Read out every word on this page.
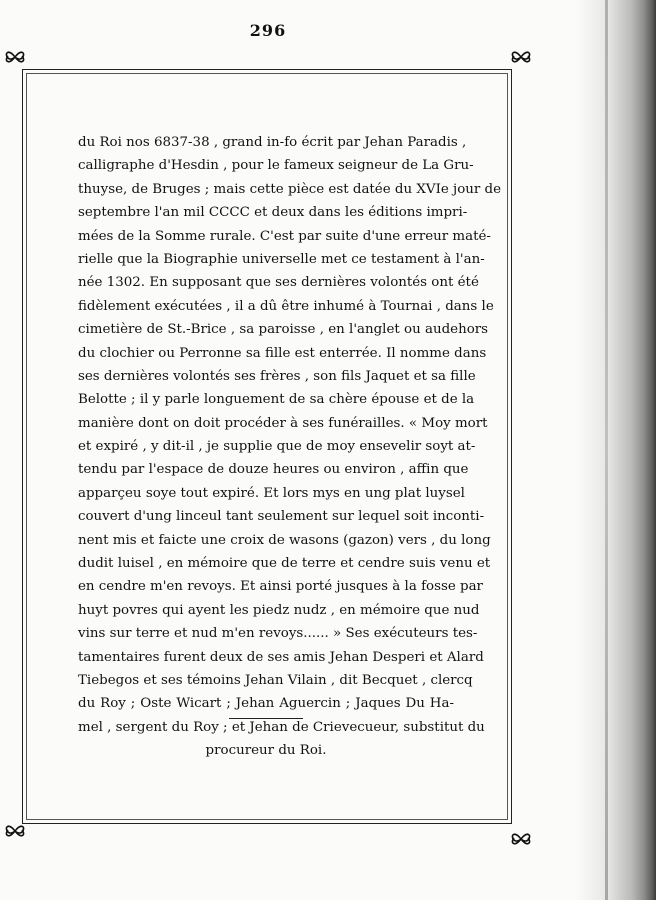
296
du Roi nos 6837-38 , grand in-fo écrit par Jehan Paradis ,
calligraphe d'Hesdin , pour le fameux seigneur de La Gru-
thuyse, de Bruges ; mais cette pièce est datée du XVIe jour de
septembre l'an mil CCCC et deux dans les éditions impri-
mées de la Somme rurale. C'est par suite d'une erreur maté-
rielle que la Biographie universelle met ce testament à l'an-
née 1302. En supposant que ses dernières volontés ont été
fidèlement exécutées , il a dû être inhumé à Tournai , dans le
cimetière de St.-Brice , sa paroisse , en l'anglet ou audehors
du clochier ou Perronne sa fille est enterrée. Il nomme dans
ses dernières volontés ses frères , son fils Jaquet et sa fille
Belotte ; il y parle longuement de sa chère épouse et de la
manière dont on doit procéder à ses funérailles. « Moy mort
et expiré , y dit-il , je supplie que de moy ensevelir soyt at-
tendu par l'espace de douze heures ou environ , affin que
apparçeu soye tout expiré. Et lors mys en ung plat luysel
couvert d'ung linceul tant seulement sur lequel soit inconti-
nent mis et faicte une croix de wasons (gazon) vers , du long
dudit luisel , en mémoire que de terre et cendre suis venu et
en cendre m'en revoys. Et ainsi porté jusques à la fosse par
huyt povres qui ayent les piedz nudz , en mémoire que nud
vins sur terre et nud m'en revoys...... » Ses exécuteurs tes-
tamentaires furent deux de ses amis Jehan Desperi et Alard
Tiebegos et ses témoins Jehan Vilain , dit Becquet , clercq
du Roy ; Oste Wicart ; Jehan Aguercin ; Jaques Du Ha-
mel , sergent du Roy ; et Jehan de Crievecueur, substitut du
procureur du Roi.
